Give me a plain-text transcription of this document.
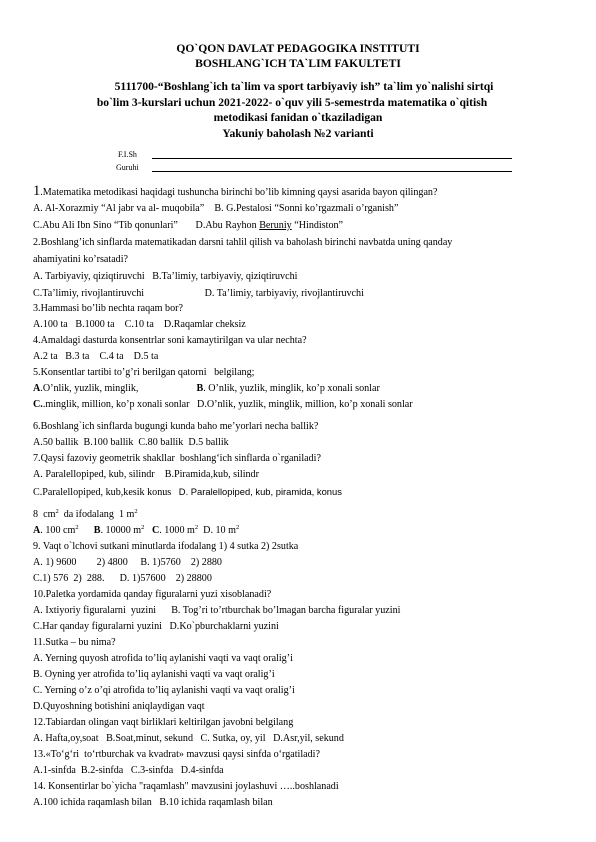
QO`QON DAVLAT PEDAGOGIKA INSTITUTI
BOSHLANG`ICH TA`LIM FAKULTETI
5111700-“Boshlang`ich ta`lim va sport tarbiyaviy ish” ta`lim yo`nalishi sirtqi
bo`lim 3-kurslari uchun 2021-2022- o`quv yili 5-semestrda matematika o`qitish
metodikasi fanidan o`tkaziladigan
Yakuniy baholash №2 varianti
F.I.Sh
Guruhi
1.Matematika metodikasi haqidagi tushuncha birinchi bo’lib kimning qaysi asarida bayon qilingan?
A. Al-Xorazmiy “Al jabr va al- muqobila”    B. G.Pestalosi “Sonni ko’rgazmali o’rganish”
C.Abu Ali Ibn Sino “Tib qonunlari”       D.Abu Rayhon Beruniy “Hindiston”
2.Boshlang’ich sinflarda matematikadan darsni tahlil qilish va baholash birinchi navbatda uning qanday
ahamiyatini ko’rsatadi?
A. Tarbiyaviy, qiziqtiruvchi   B.Ta’limiy, tarbiyaviy, qiziqtiruvchi
C.Ta’limiy, rivojlantiruvchi                        D. Ta’limiy, tarbiyaviy, rivojlantiruvchi
3.Hammasi bo’lib nechta raqam bor?
A.100 ta   B.1000 ta    C.10 ta    D.Raqamlar cheksiz
4.Amaldagi dasturda konsentrlar soni kamaytirilgan va ular nechta?
A.2 ta   B.3 ta    C.4 ta    D.5 ta
5.Konsentlar tartibi to’g’ri berilgan qatorni   belgilang;
A.O’nlik, yuzlik, minglik,                       B. O’nlik, yuzlik, minglik, ko’p xonali sonlar
C..minglik, million, ko’p xonali sonlar   D.O’nlik, yuzlik, minglik, million, ko’p xonali sonlar
6.Boshlang`ich sinflarda bugungi kunda baho me’yorlari necha ballik?
A.50 ballik  B.100 ballik  C.80 ballik  D.5 ballik
7.Qaysi fazoviy geometrik shakllar  boshlang‘ich sinflarda o`rganiladi?
A. Paralellopiped, kub, silindr    B.Piramida,kub, silindr
C.Paralellopiped, kub,kesik konus   D. Paralellopiped, kub, piramida, konus
8  $cm^2$  da ifodalang  1 $m^2$
A. 100 $cm^2$ B. 10000 $m^2$ C. 1000 $m^2$  D. 10 $m^2$
9. Vaqt o`lchovi sutkani minutlarda ifodalang 1) 4 sutka 2) 2sutka
A. 1) 9600        2) 4800     B. 1)5760    2) 2880
C.1) 576  2)  288.      D. 1)57600    2) 28800
10.Paletka yordamida qanday figuralarni yuzi xisoblanadi?
A. Ixtiyoriy figuralarni  yuzini      B. Tog’ri to’rtburchak bo’lmagan barcha figuralar yuzini
C.Har qanday figuralarni yuzini   D.Ko`pburchaklarni yuzini
11.Sutka – bu nima?
A. Yerning quyosh atrofida to’liq aylanishi vaqti va vaqt oralig’i
B. Oyning yer atrofida to’liq aylanishi vaqti va vaqt oralig’i
C. Yerning o’z o’qi atrofida to’liq aylanishi vaqti va vaqt oralig’i
D.Quyoshning botishini aniqlaydigan vaqt
12.Tabiardan olingan vaqt birliklari keltirilgan javobni belgilang
A. Hafta,oy,soat   B.Soat,minut, sekund   C. Sutka, oy, yil   D.Asr,yil, sekund
13.«To‘g‘ri  to‘rtburchak va kvadrat» mavzusi qaysi sinfda o‘rgatiladi?
A.1-sinfda  B.2-sinfda   C.3-sinfda   D.4-sinfda
14. Konsentirlar bo`yicha "raqamlash" mavzusini joylashuvi …..boshlanadi
A.100 ichida raqamlash bilan   B.10 ichida raqamlash bilan
